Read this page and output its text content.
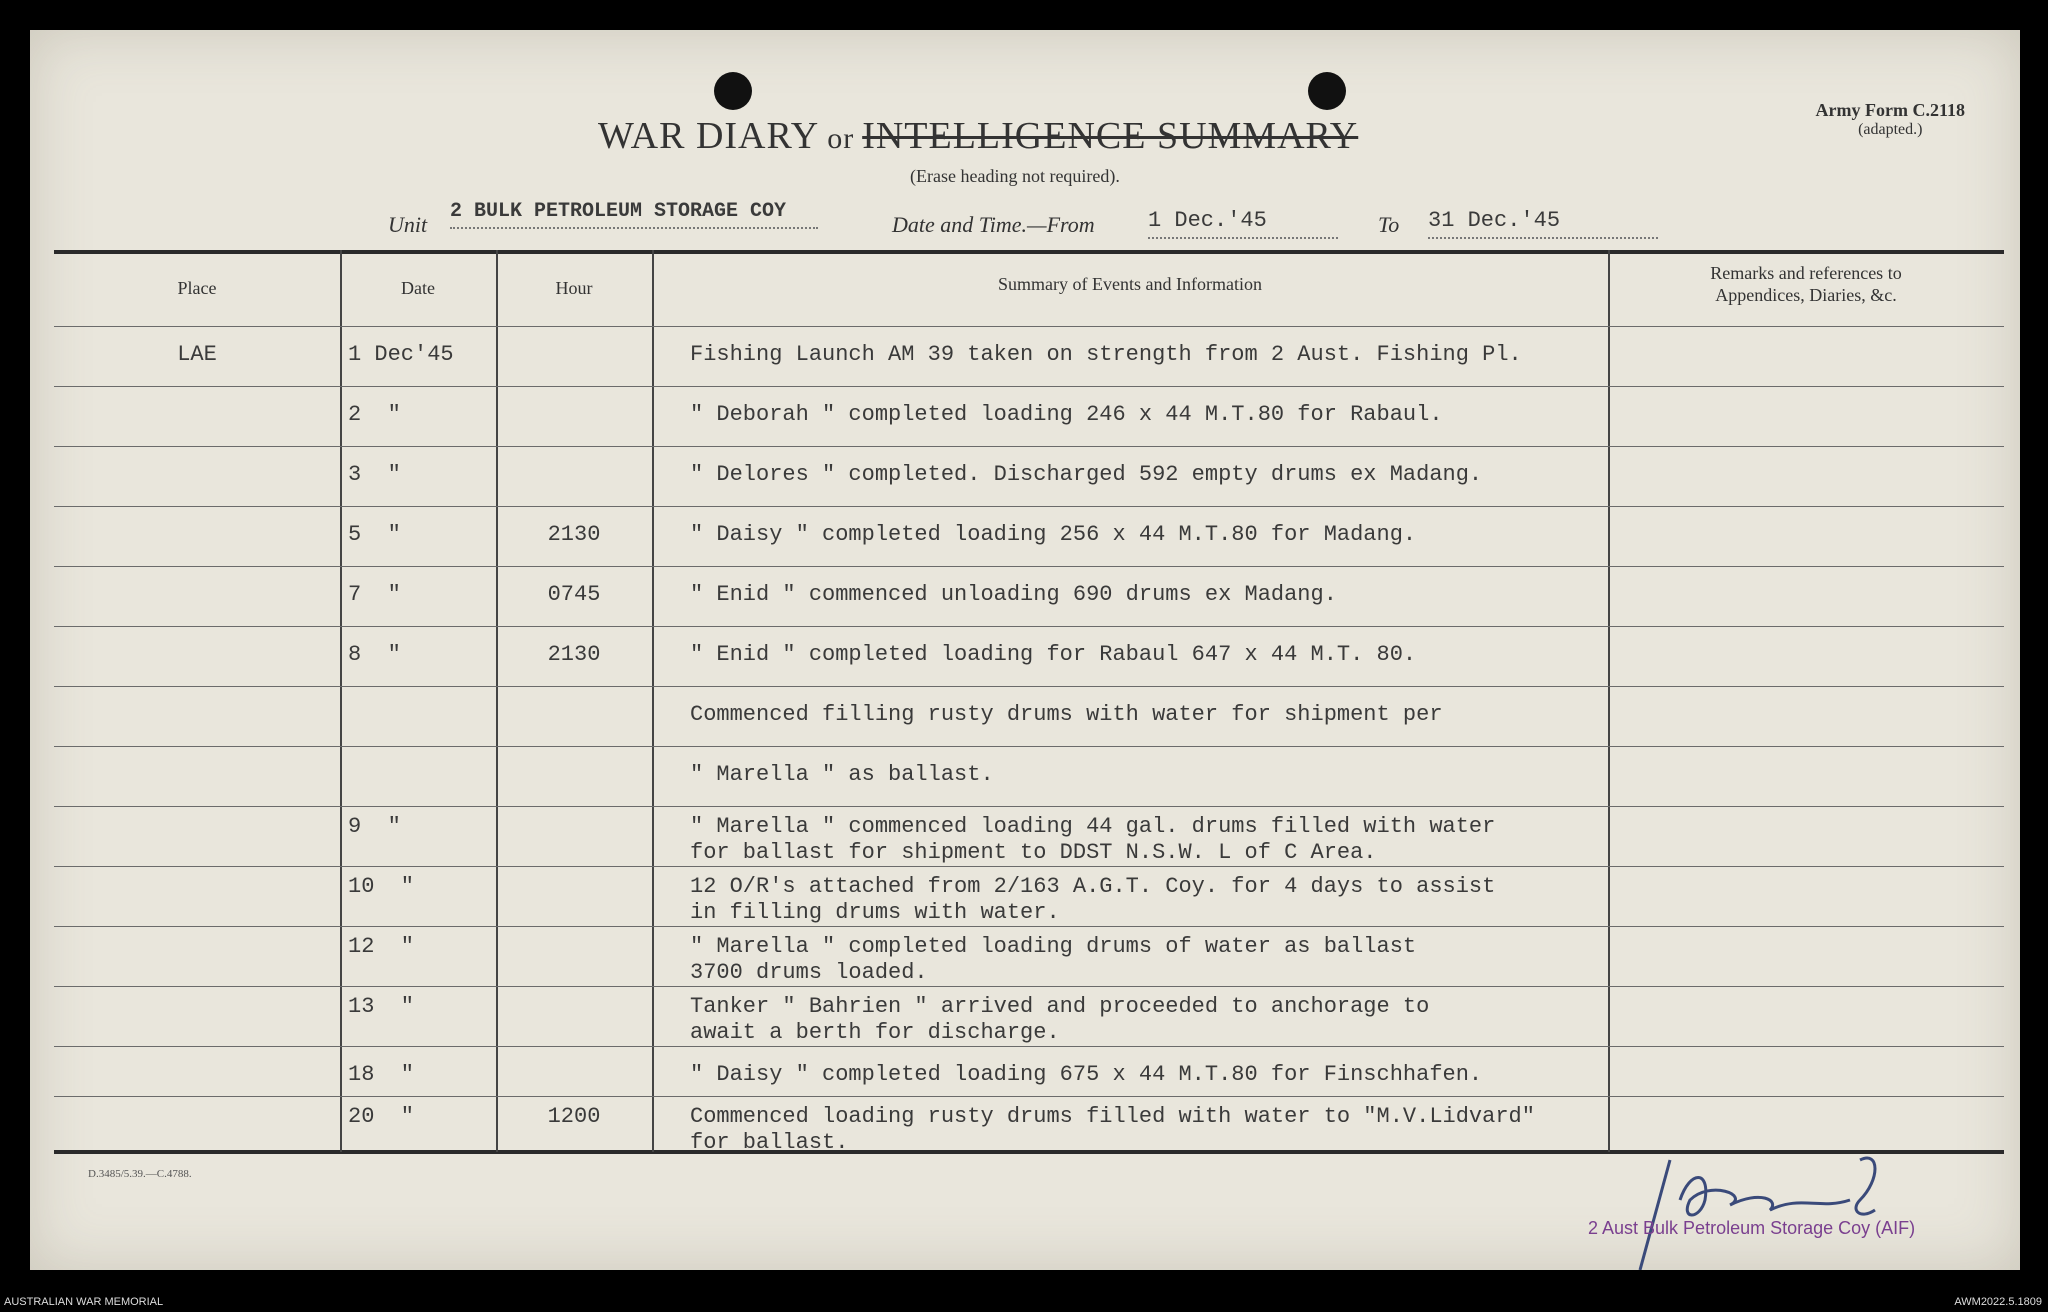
WAR DIARY or INTELLIGENCE SUMMARY
(Erase heading not required).
Army Form C.2118
(adapted.)
Unit
2 BULK PETROLEUM STORAGE COY
Date and Time.—From 1 Dec.'45	To 31 Dec.'45
Place	Date	Hour	Summary of Events and Information
Remarks and references to
Appendices, Diaries, &c.
LAE	1 Dec'45	Fishing Launch AM 39 taken on strength from 2 Aust. Fishing Pl.
2  "	" Deborah " completed loading 246 x 44 M.T.80 for Rabaul.
3  "	" Delores " completed. Discharged 592 empty drums ex Madang.
5  "	2130	" Daisy " completed loading 256 x 44 M.T.80 for Madang.
7  "	0745	" Enid " commenced unloading 690 drums ex Madang.
8  "	2130	" Enid " completed loading for Rabaul 647 x 44 M.T. 80.
Commenced filling rusty drums with water for shipment per
" Marella " as ballast.
9  "	" Marella " commenced loading 44 gal. drums filled with water
for ballast for shipment to DDST N.S.W. L of C Area.
10  "	12 O/R's attached from 2/163 A.G.T. Coy. for 4 days to assist
in filling drums with water.
12  "	" Marella " completed loading drums of water as ballast
3700 drums loaded.
13  "	Tanker " Bahrien " arrived and proceeded to anchorage to
await a berth for discharge.
18  "	" Daisy " completed loading 675 x 44 M.T.80 for Finschhafen.
20  "	1200	Commenced loading rusty drums filled with water to "M.V.Lidvard"
for ballast.
D.3485/5.39.—C.4788.
2 Aust Bulk Petroleum Storage Coy (AIF)
AUSTRALIAN WAR MEMORIAL	AWM2022.5.1809
